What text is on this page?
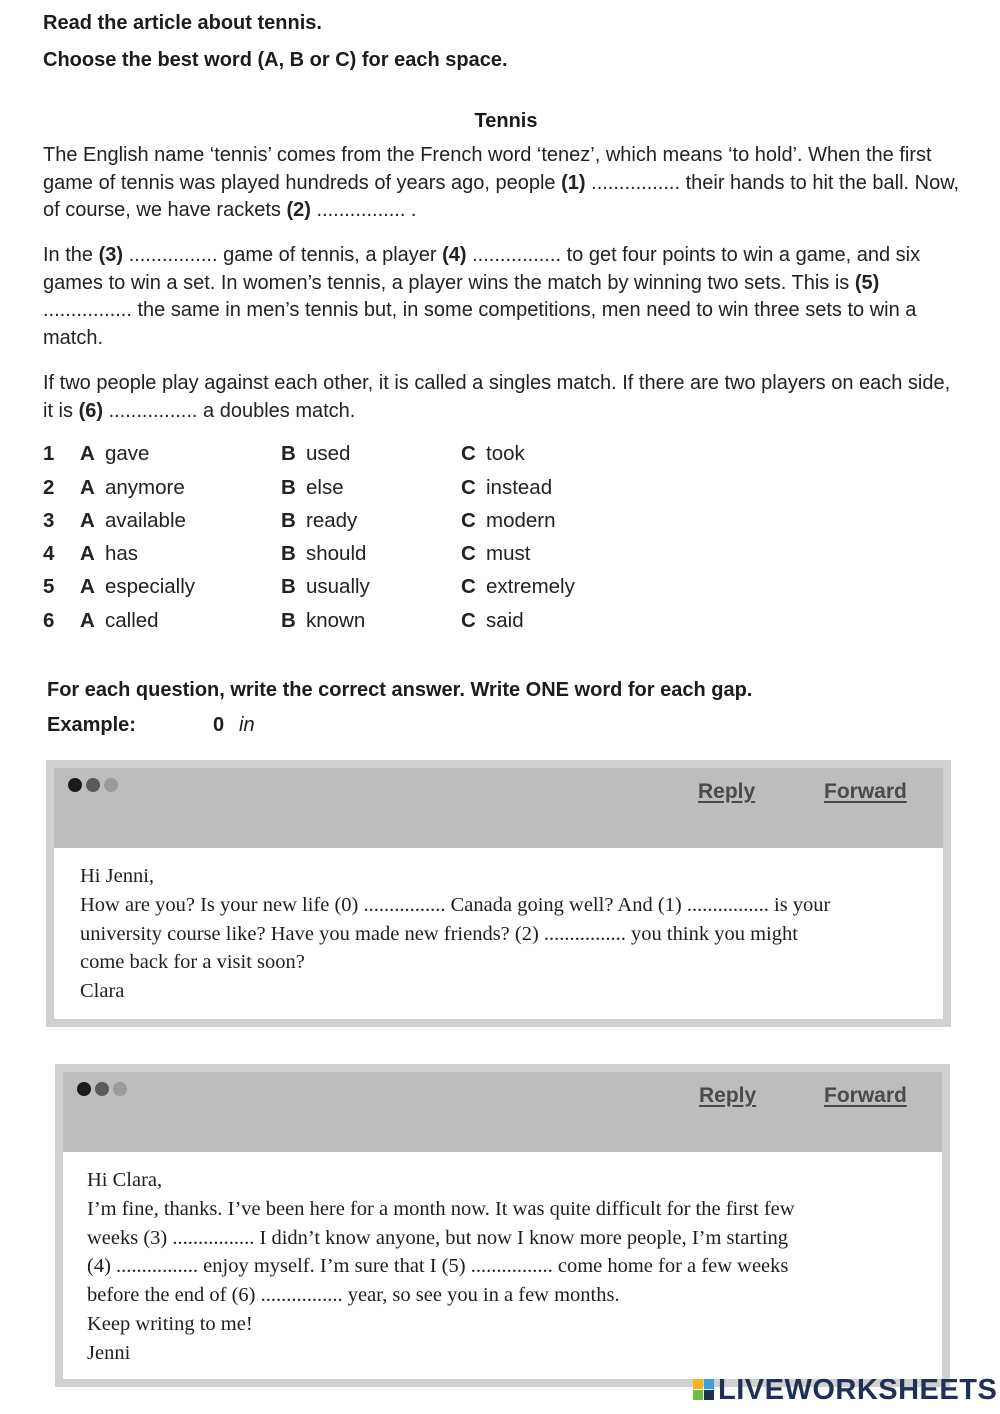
Read the article about tennis.
Choose the best word (A, B or C) for each space.
Tennis
The English name ‘tennis’ comes from the French word ‘tenez’, which means ‘to hold’. When the first game of tennis was played hundreds of years ago, people (1) ................ their hands to hit the ball. Now, of course, we have rackets (2) ................ .
In the (3) ................ game of tennis, a player (4) ................ to get four points to win a game, and six games to win a set. In women’s tennis, a player wins the match by winning two sets. This is (5) ................ the same in men’s tennis but, in some competitions, men need to win three sets to win a match.
If two people play against each other, it is called a singles match. If there are two players on each side, it is (6) ................ a doubles match.
1 A gave	B used	C took
2 A anymore	B else	C instead
3 A available	B ready	C modern
4 A has	B should	C must
5 A especially	B usually	C extremely
6 A called	B known	C said
For each question, write the correct answer. Write ONE word for each gap.
Example:	0 in
Reply	Forward
Hi Jenni,
How are you? Is your new life (0) ................ Canada going well? And (1) ................ is your
university course like? Have you made new friends? (2) ................ you think you might
come back for a visit soon?
Clara
Reply	Forward
Hi Clara,
I’m fine, thanks. I’ve been here for a month now. It was quite difficult for the first few
weeks (3) ................ I didn’t know anyone, but now I know more people, I’m starting
(4) ................ enjoy myself. I’m sure that I (5) ................ come home for a few weeks
before the end of (6) ................ year, so see you in a few months.
Keep writing to me!
Jenni
LIVEWORKSHEETS
